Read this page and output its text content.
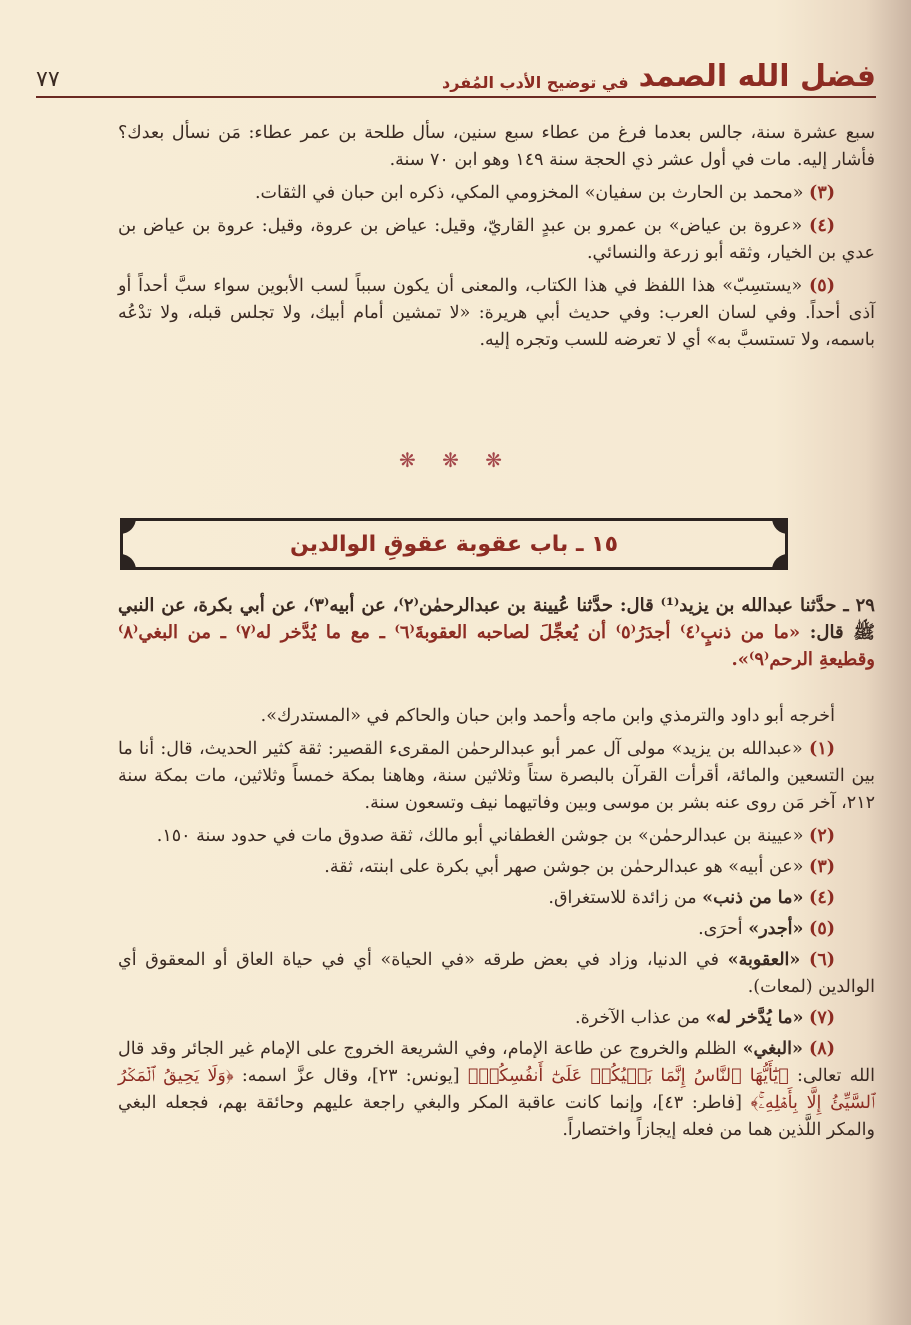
فضل الله الصمد
في توضيح الأدب المُفرد
٧٧

سبع عشرة سنة، جالس بعدما فرغ من عطاء سبع سنين، سأل طلحة بن عمر عطاء: مَن نسأل بعدك؟ فأشار إليه. مات في أول عشر ذي الحجة سنة ١٤٩ وهو ابن ٧٠ سنة.

(٣) «محمد بن الحارث بن سفيان» المخزومي المكي، ذكره ابن حبان في الثقات.

(٤) «عروة بن عياض» بن عمرو بن عبدٍ القاريّ، وقيل: عياض بن عروة، وقيل: عروة بن عياض بن عدي بن الخيار، وثقه أبو زرعة والنسائي.

(٥) «يستسِبّ» هذا اللفظ في هذا الكتاب، والمعنى أن يكون سبباً لسب الأبوين سواء سبَّ أحداً أو آذى أحداً. وفي لسان العرب: وفي حديث أبي هريرة: «لا تمشين أمام أبيك، ولا تجلس قبله، ولا تدْعُه باسمه، ولا تستسبَّ به» أي لا تعرضه للسب وتجره إليه.

❋ ❋ ❋
١٥ ـ باب عقوبة عقوقِ الوالدين
٢٩ ـ حدَّثنا عبدالله بن يزيد⁽¹⁾ قال: حدَّثنا عُيينة بن عبدالرحمٰن⁽٢⁾، عن أبيه⁽٣⁾، عن أبي بكرة، عن النبي ﷺ قال: «ما من ذنبٍ⁽٤⁾ أجدَرُ⁽٥⁾ أن يُعجِّلَ لصاحبه العقوبةَ⁽٦⁾ ـ مع ما يُدَّخر له⁽٧⁾ ـ من البغي⁽٨⁾ وقطيعةِ الرحم⁽٩⁾».

أخرجه أبو داود والترمذي وابن ماجه وأحمد وابن حبان والحاكم في «المستدرك».

(١) «عبدالله بن يزيد» مولى آل عمر أبو عبدالرحمٰن المقرىء القصير: ثقة كثير الحديث، قال: أنا ما بين التسعين والمائة، أقرأت القرآن بالبصرة ستاً وثلاثين سنة، وهاهنا بمكة خمساً وثلاثين، مات بمكة سنة ٢١٢، آخر مَن روى عنه بشر بن موسى وبين وفاتيهما نيف وتسعون سنة.

(٢) «عيينة بن عبدالرحمٰن» بن جوشن الغطفاني أبو مالك، ثقة صدوق مات في حدود سنة ١٥٠.

(٣) «عن أبيه» هو عبدالرحمٰن بن جوشن صهر أبي بكرة على ابنته، ثقة.

(٤) «ما من ذنب» من زائدة للاستغراق.

(٥) «أجدر» أحرَى.

(٦) «العقوبة» في الدنيا، وزاد في بعض طرقه «في الحياة» أي في حياة العاق أو المعقوق أي الوالدين (لمعات).

(٧) «ما يُدَّخر له» من عذاب الآخرة.

(٨) «البغي» الظلم والخروج عن طاعة الإمام، وفي الشريعة الخروج على الإمام غير الجائر وقد قال الله تعالى: ﴿يَٰٓأَيُّهَا ٱلنَّاسُ إِنَّمَا بَغۡيُكُمۡ عَلَىٰٓ أَنفُسِكُمۖ﴾ [يونس: ٢٣]، وقال عزَّ اسمه: ﴿وَلَا يَحِيقُ ٱلۡمَكۡرُ ٱلسَّيِّئُ إِلَّا بِأَهۡلِهِۦۚ﴾ [فاطر: ٤٣]، وإنما كانت عاقبة المكر والبغي راجعة عليهم وحائقة بهم، فجعله البغي والمكر اللَّذين هما من فعله إيجازاً واختصاراً.
